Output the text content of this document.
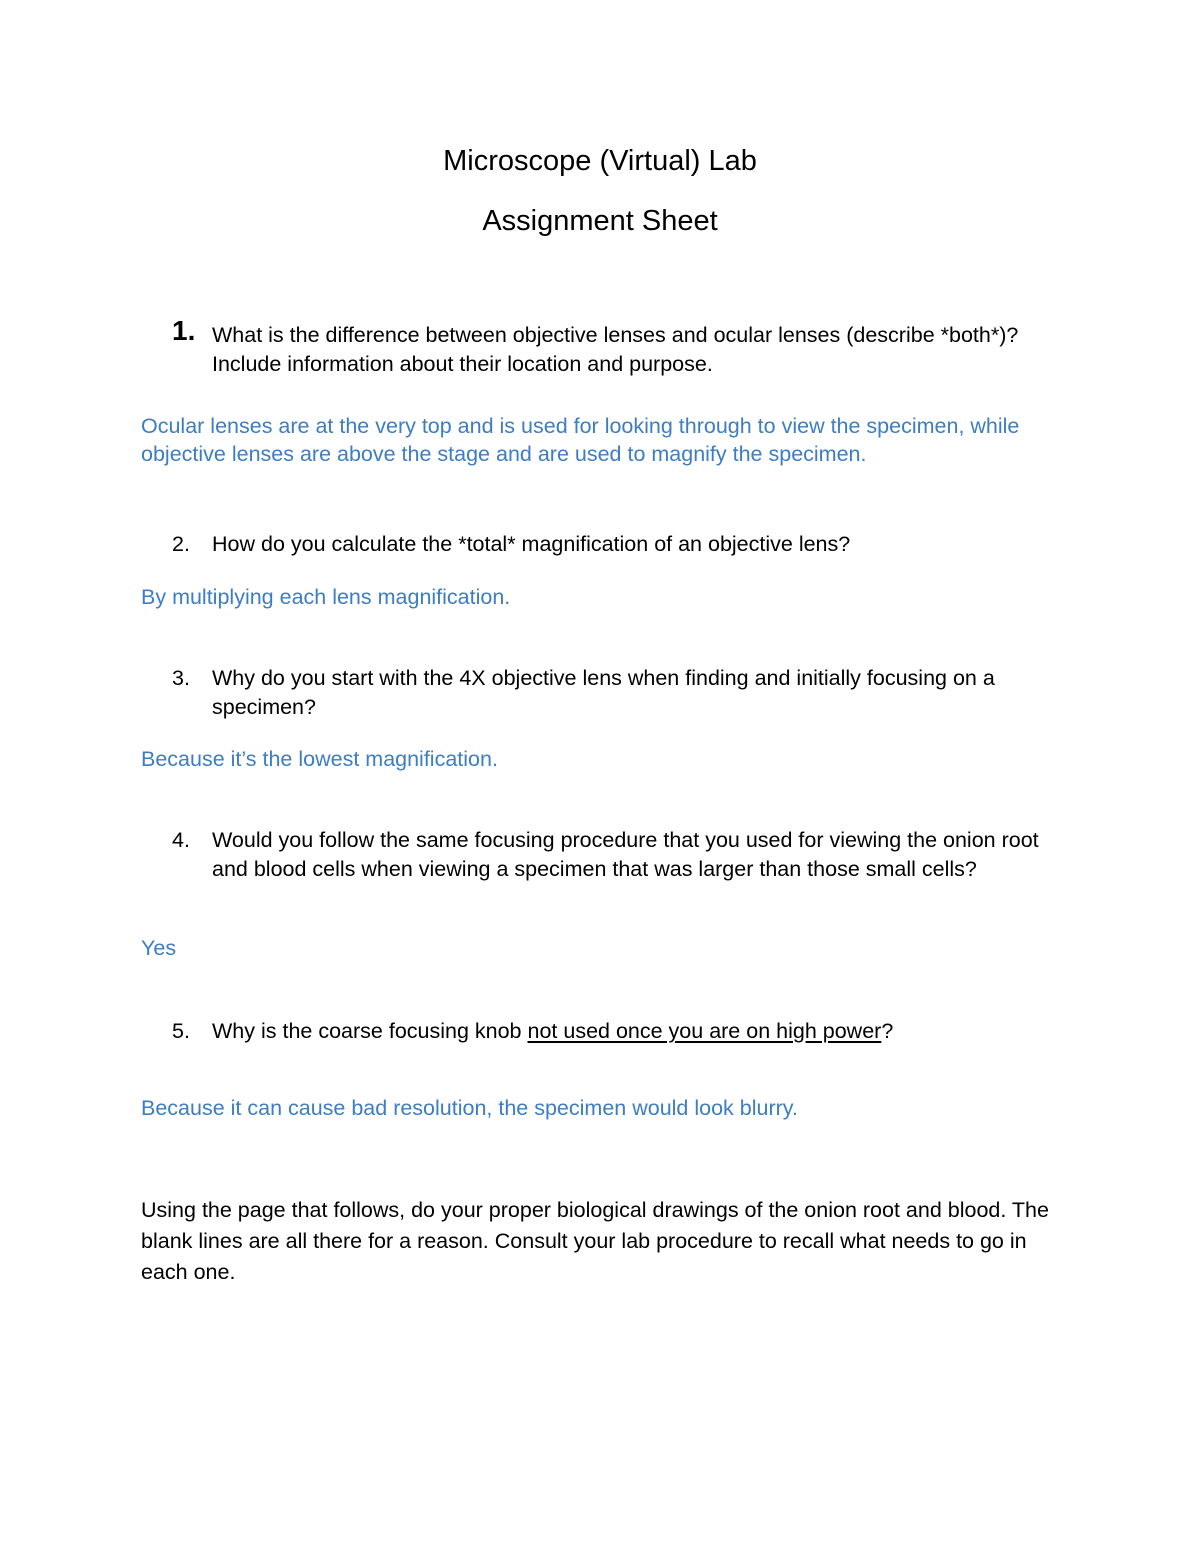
Microscope (Virtual) Lab
Assignment Sheet
1. What is the difference between objective lenses and ocular lenses (describe *both*)? Include information about their location and purpose.

Ocular lenses are at the very top and is used for looking through to view the specimen, while objective lenses are above the stage and are used to magnify the specimen.

2.	How do you calculate the *total* magnification of an objective lens?

By multiplying each lens magnification.

3.	Why do you start with the 4X objective lens when finding and initially focusing on a specimen?

Because it’s the lowest magnification.

4.	Would you follow the same focusing procedure that you used for viewing the onion root and blood cells when viewing a specimen that was larger than those small cells?

Yes

5.	Why is the coarse focusing knob not used once you are on high power?

Because it can cause bad resolution, the specimen would look blurry.

Using the page that follows, do your proper biological drawings of the onion root and blood. The blank lines are all there for a reason. Consult your lab procedure to recall what needs to go in each one.
